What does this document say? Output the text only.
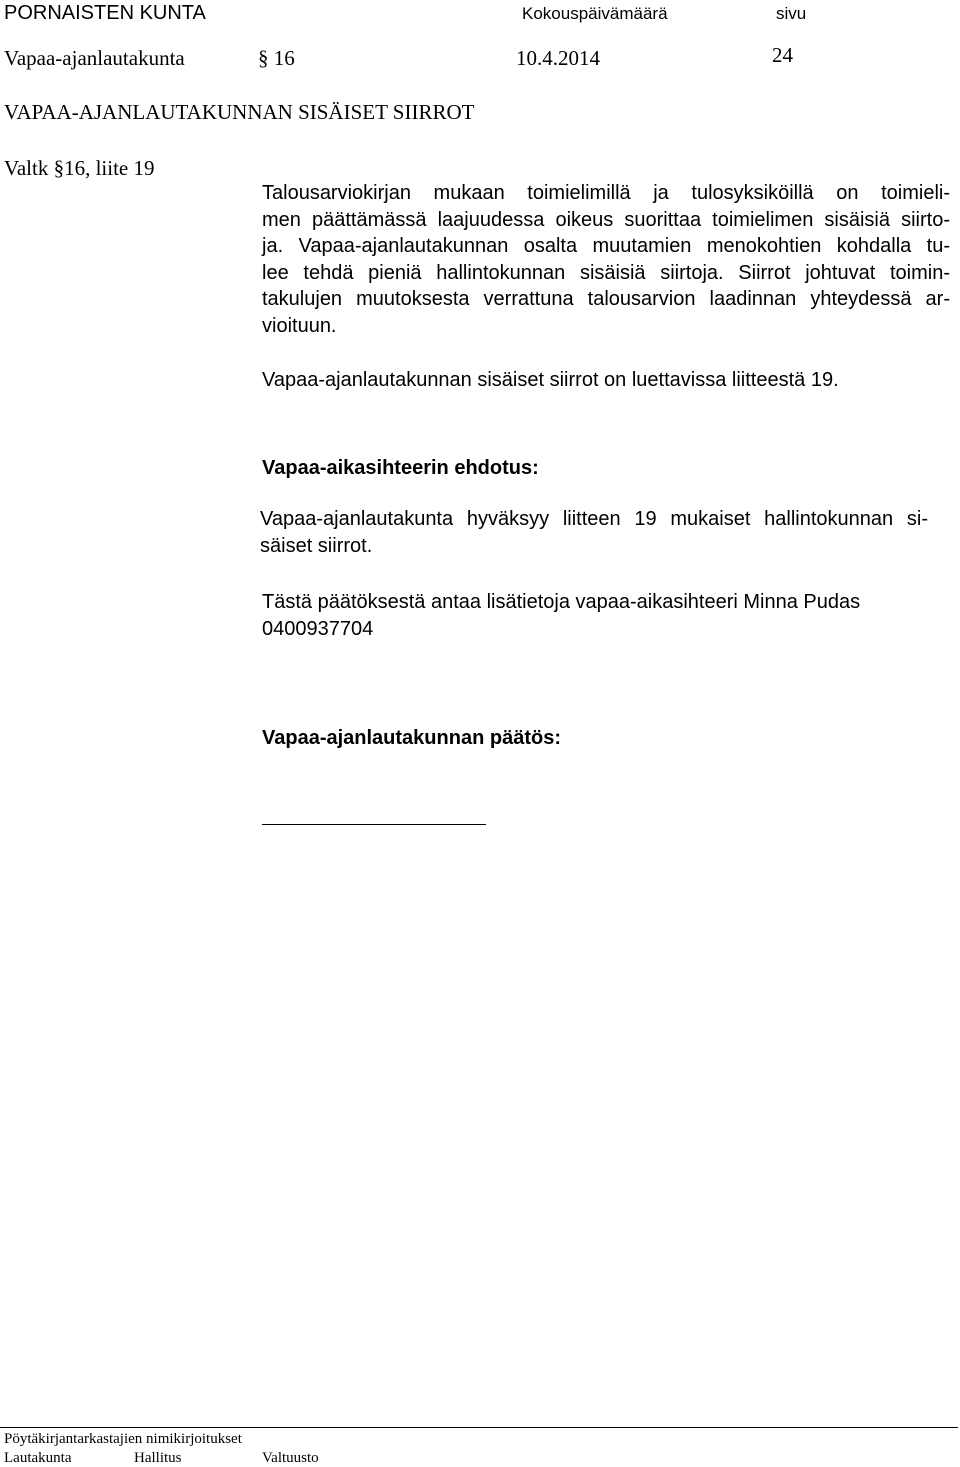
PORNAISTEN KUNTA	Kokouspäivämäärä	sivu
Vapaa-ajanlautakunta	§ 16	10.4.2014	24
VAPAA-AJANLAUTAKUNNAN SISÄISET SIIRROT
Valtk §16, liite 19
Talousarviokirjan mukaan toimielimillä ja tulosyksiköillä on toimieli-
men päättämässä laajuudessa oikeus suorittaa toimielimen sisäisiä siirto-
ja. Vapaa-ajanlautakunnan osalta muutamien menokohtien kohdalla tu-
lee tehdä pieniä hallintokunnan sisäisiä siirtoja. Siirrot johtuvat toimin-
takulujen muutoksesta verrattuna talousarvion laadinnan yhteydessä ar-
vioituun.
Vapaa-ajanlautakunnan sisäiset siirrot on luettavissa liitteestä 19.
Vapaa-aikasihteerin ehdotus:
Vapaa-ajanlautakunta hyväksyy liitteen 19 mukaiset hallintokunnan si-
säiset siirrot.
Tästä päätöksestä antaa lisätietoja vapaa-aikasihteeri Minna Pudas
0400937704
Vapaa-ajanlautakunnan päätös:
Pöytäkirjantarkastajien nimikirjoitukset
Lautakunta	Hallitus	Valtuusto
